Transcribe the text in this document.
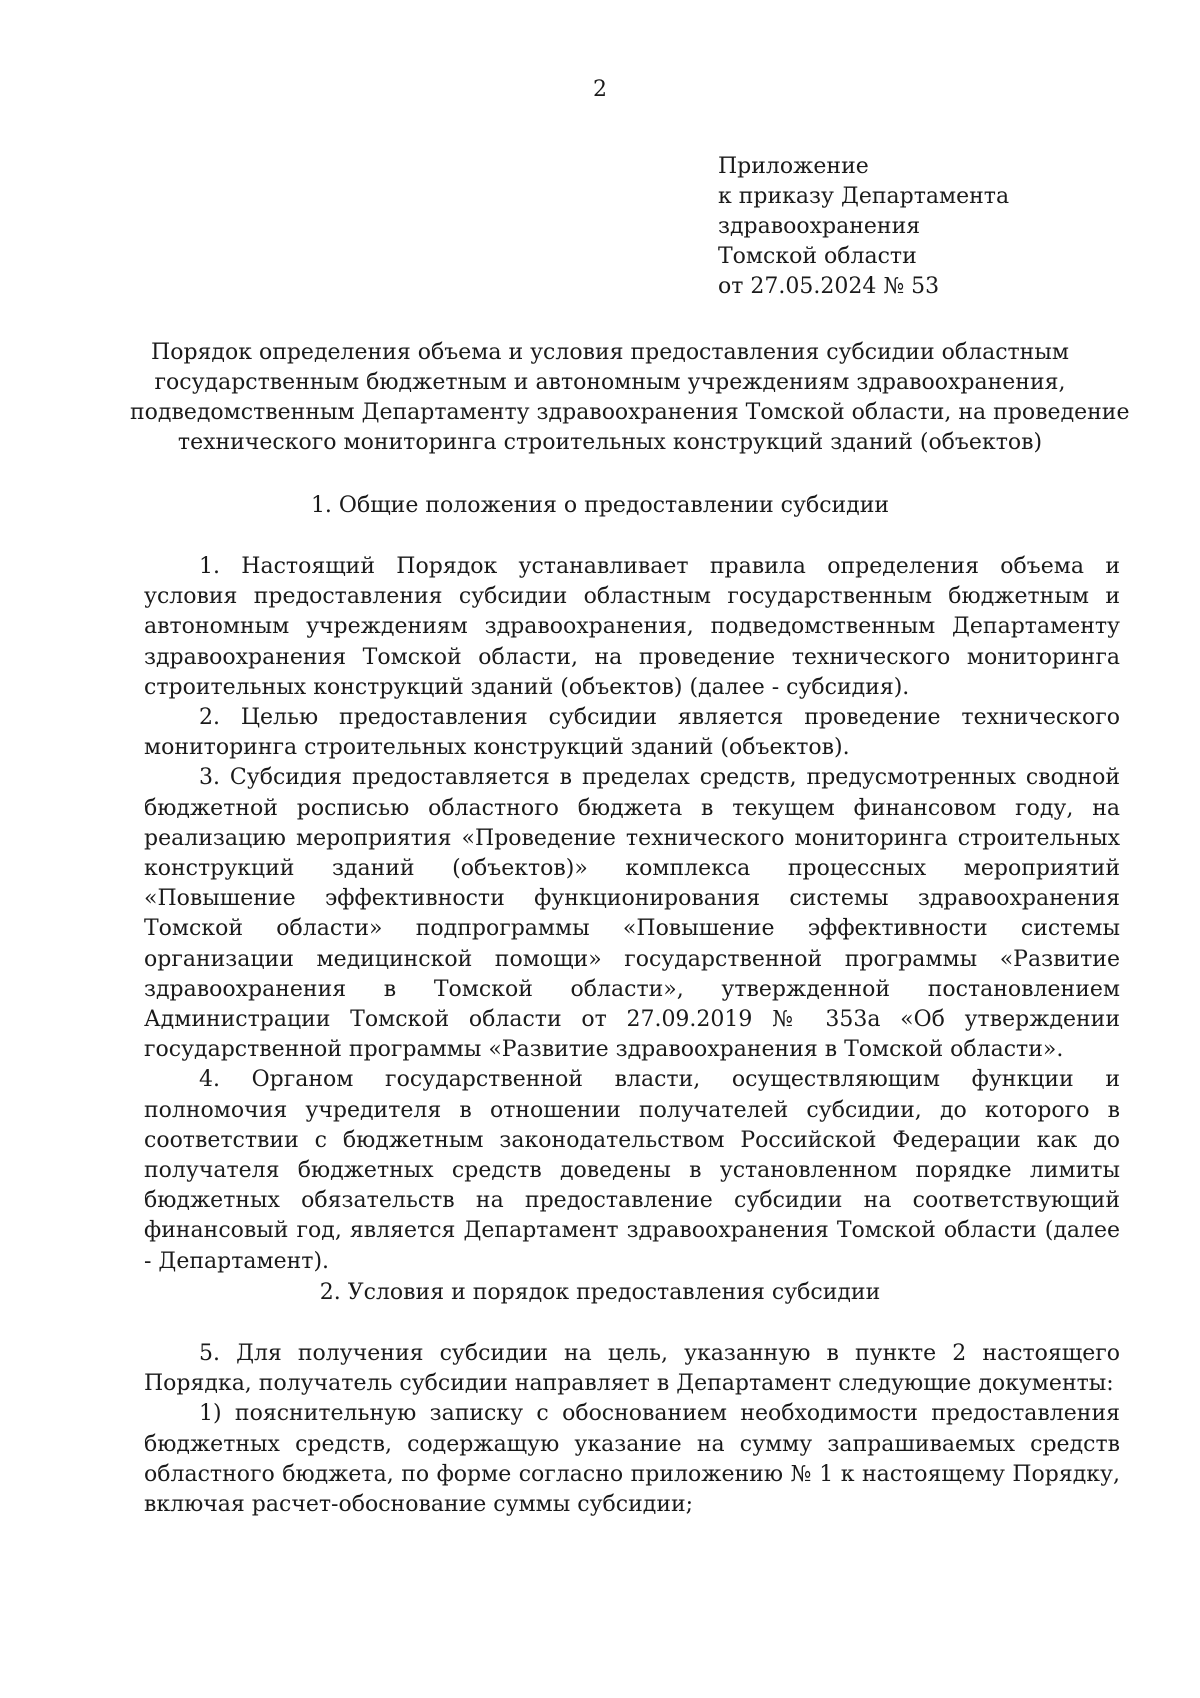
2
Приложение
к приказу Департамента
здравоохранения
Томской области
от 27.05.2024 № 53
Порядок определения объема и условия предоставления субсидии областным
государственным бюджетным и автономным учреждениям здравоохранения,
подведомственным Департаменту здравоохранения Томской области, на проведение
технического мониторинга строительных конструкций зданий (объектов)
1. Общие положения о предоставлении субсидии

1. Настоящий Порядок устанавливает правила определения объема и условия предоставления субсидии областным государственным бюджетным и автономным учреждениям здравоохранения, подведомственным Департаменту здравоохранения Томской области, на проведение технического мониторинга строительных конструкций зданий (объектов) (далее - субсидия).

2. Целью предоставления субсидии является проведение технического мониторинга строительных конструкций зданий (объектов).

3. Субсидия предоставляется в пределах средств, предусмотренных сводной бюджетной росписью областного бюджета в текущем финансовом году, на реализацию мероприятия «Проведение технического мониторинга строительных конструкций зданий (объектов)» комплекса процессных мероприятий «Повышение эффективности функционирования системы здравоохранения Томской области» подпрограммы «Повышение эффективности системы организации медицинской помощи» государственной программы «Развитие здравоохранения в Томской области», утвержденной постановлением Администрации Томской области от 27.09.2019 № 353а «Об утверждении государственной программы «Развитие здравоохранения в Томской области».

4. Органом государственной власти, осуществляющим функции и полномочия учредителя в отношении получателей субсидии, до которого в соответствии с бюджетным законодательством Российской Федерации как до получателя бюджетных средств доведены в установленном порядке лимиты бюджетных обязательств на предоставление субсидии на соответствующий финансовый год, является Департамент здравоохранения Томской области (далее - Департамент).

2. Условия и порядок предоставления субсидии

5. Для получения субсидии на цель, указанную в пункте 2 настоящего Порядка, получатель субсидии направляет в Департамент следующие документы:

1) пояснительную записку с обоснованием необходимости предоставления бюджетных средств, содержащую указание на сумму запрашиваемых средств областного бюджета, по форме согласно приложению № 1 к настоящему Порядку, включая расчет-обоснование суммы субсидии;
